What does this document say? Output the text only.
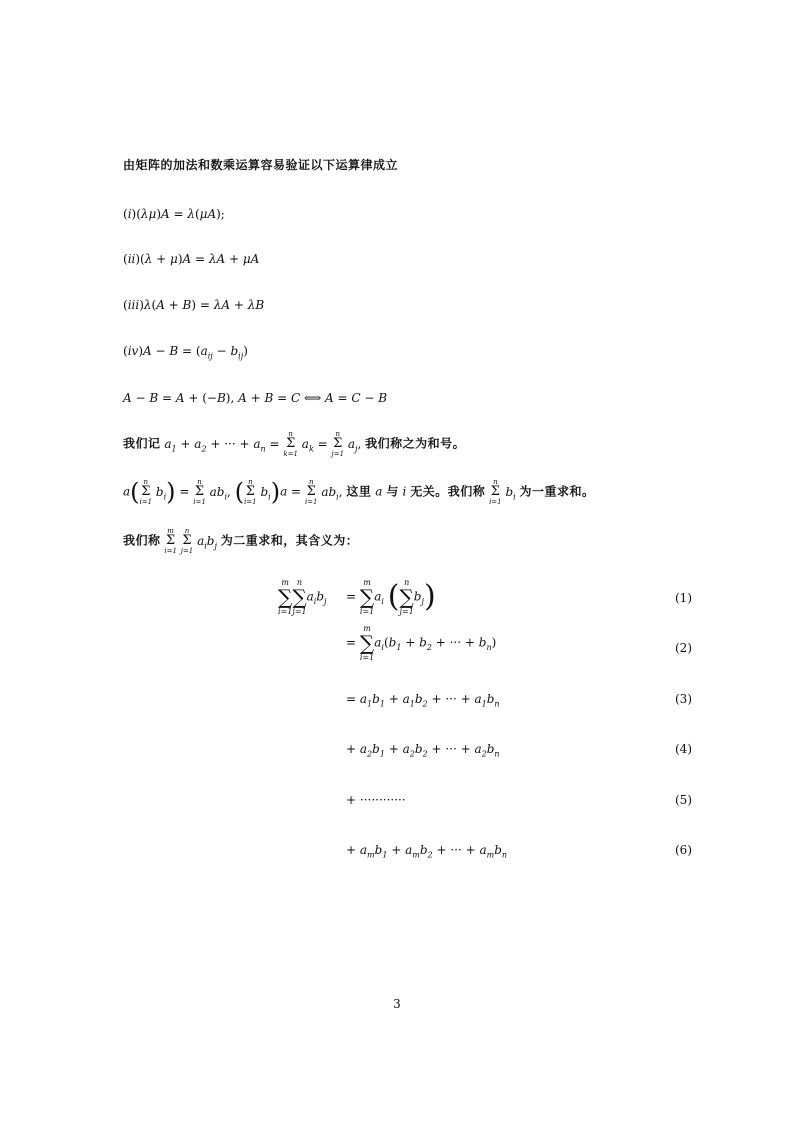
由矩阵的加法和数乘运算容易验证以下运算律成立
(i)(λμ)A = λ(μA);
(ii)(λ + μ)A = λA + μA
(iii)λ(A + B) = λA + λB
$(iv)A - B = (a_{ij} - b_{ij})$
A − B = A + (−B), A + B = C ⟺ A = C − B
我们记 $a_1 + a_2$ + ··· + $a_n$ =
n
Σ
k=1
$a_k$ =
n
Σ
j=1
$a_j$, 我们称之为和号。
a( n
Σ
i=1
$b_i$) =
n
Σ
i=1
$ab_i$, ( n
Σ
i=1
$b_i)a$ =
n
Σ
i=1
$ab_i$, 这里 a 与 i 无关。我们称
n
Σ
i=1
$b_i$ 为一重求和。
我们称
m
Σ
i=1

n
Σ
j=1
$a_ib_j$ 为二重求和，其含义为：
m
∑
i=1
n
∑
j=1
$a_ib_j$ =
m
∑
i=1
$a_i$ ( n
∑
j=1
$b_j$)	(1)
=
m
∑
i=1
$a_i(b_1 + b_2$ + ··· + $b_n$)	(2)
= $a_1b_1 + a_1b_2$ + ··· + $a_1b_n$	(3)
+ $a_2b_1 + a_2b_2$ + ··· + $a_2b_n$	(4)
+ ············	(5)
+ $a_mb_1 + a_mb_2$ + ··· + $a_mb_n$	(6)
3
